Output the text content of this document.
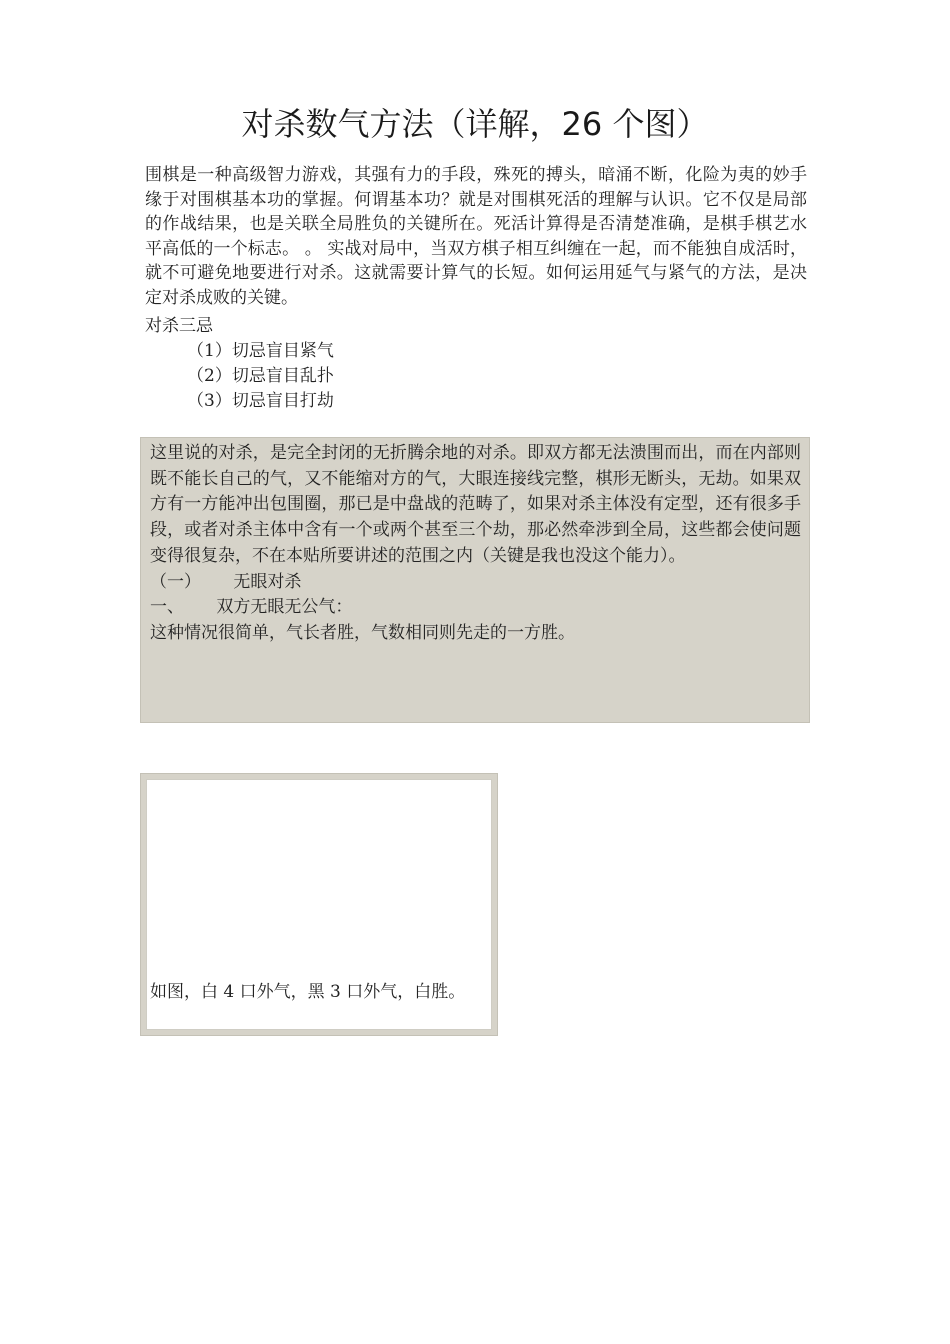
对杀数气方法（详解，26 个图）

围棋是一种高级智力游戏，其强有力的手段，殊死的搏头，暗涌不断，化险为夷的妙手缘于对围棋基本功的掌握。何谓基本功？就是对围棋死活的理解与认识。它不仅是局部的作战结果，也是关联全局胜负的关键所在。死活计算得是否清楚准确，是棋手棋艺水平高低的一个标志。 。 实战对局中，当双方棋子相互纠缠在一起，而不能独自成活时，就不可避免地要进行对杀。这就需要计算气的长短。如何运用延气与紧气的方法，是决定对杀成败的关键。

对杀三忌

（1）切忌盲目紧气
（2）切忌盲目乱扑
（3）切忌盲目打劫

这里说的对杀，是完全封闭的无折腾余地的对杀。即双方都无法溃围而出，而在内部则既不能长自己的气，又不能缩对方的气，大眼连接线完整，棋形无断头，无劫。如果双方有一方能冲出包围圈，那已是中盘战的范畴了，如果对杀主体没有定型，还有很多手段，或者对杀主体中含有一个或两个甚至三个劫，那必然牵涉到全局，这些都会使问题变得很复杂，不在本贴所要讲述的范围之内（关键是我也没这个能力）。

（一）      无眼对杀

一、      双方无眼无公气：

这种情况很简单，气长者胜，气数相同则先走的一方胜。

如图，白 4 口外气，黑 3 口外气，白胜。
